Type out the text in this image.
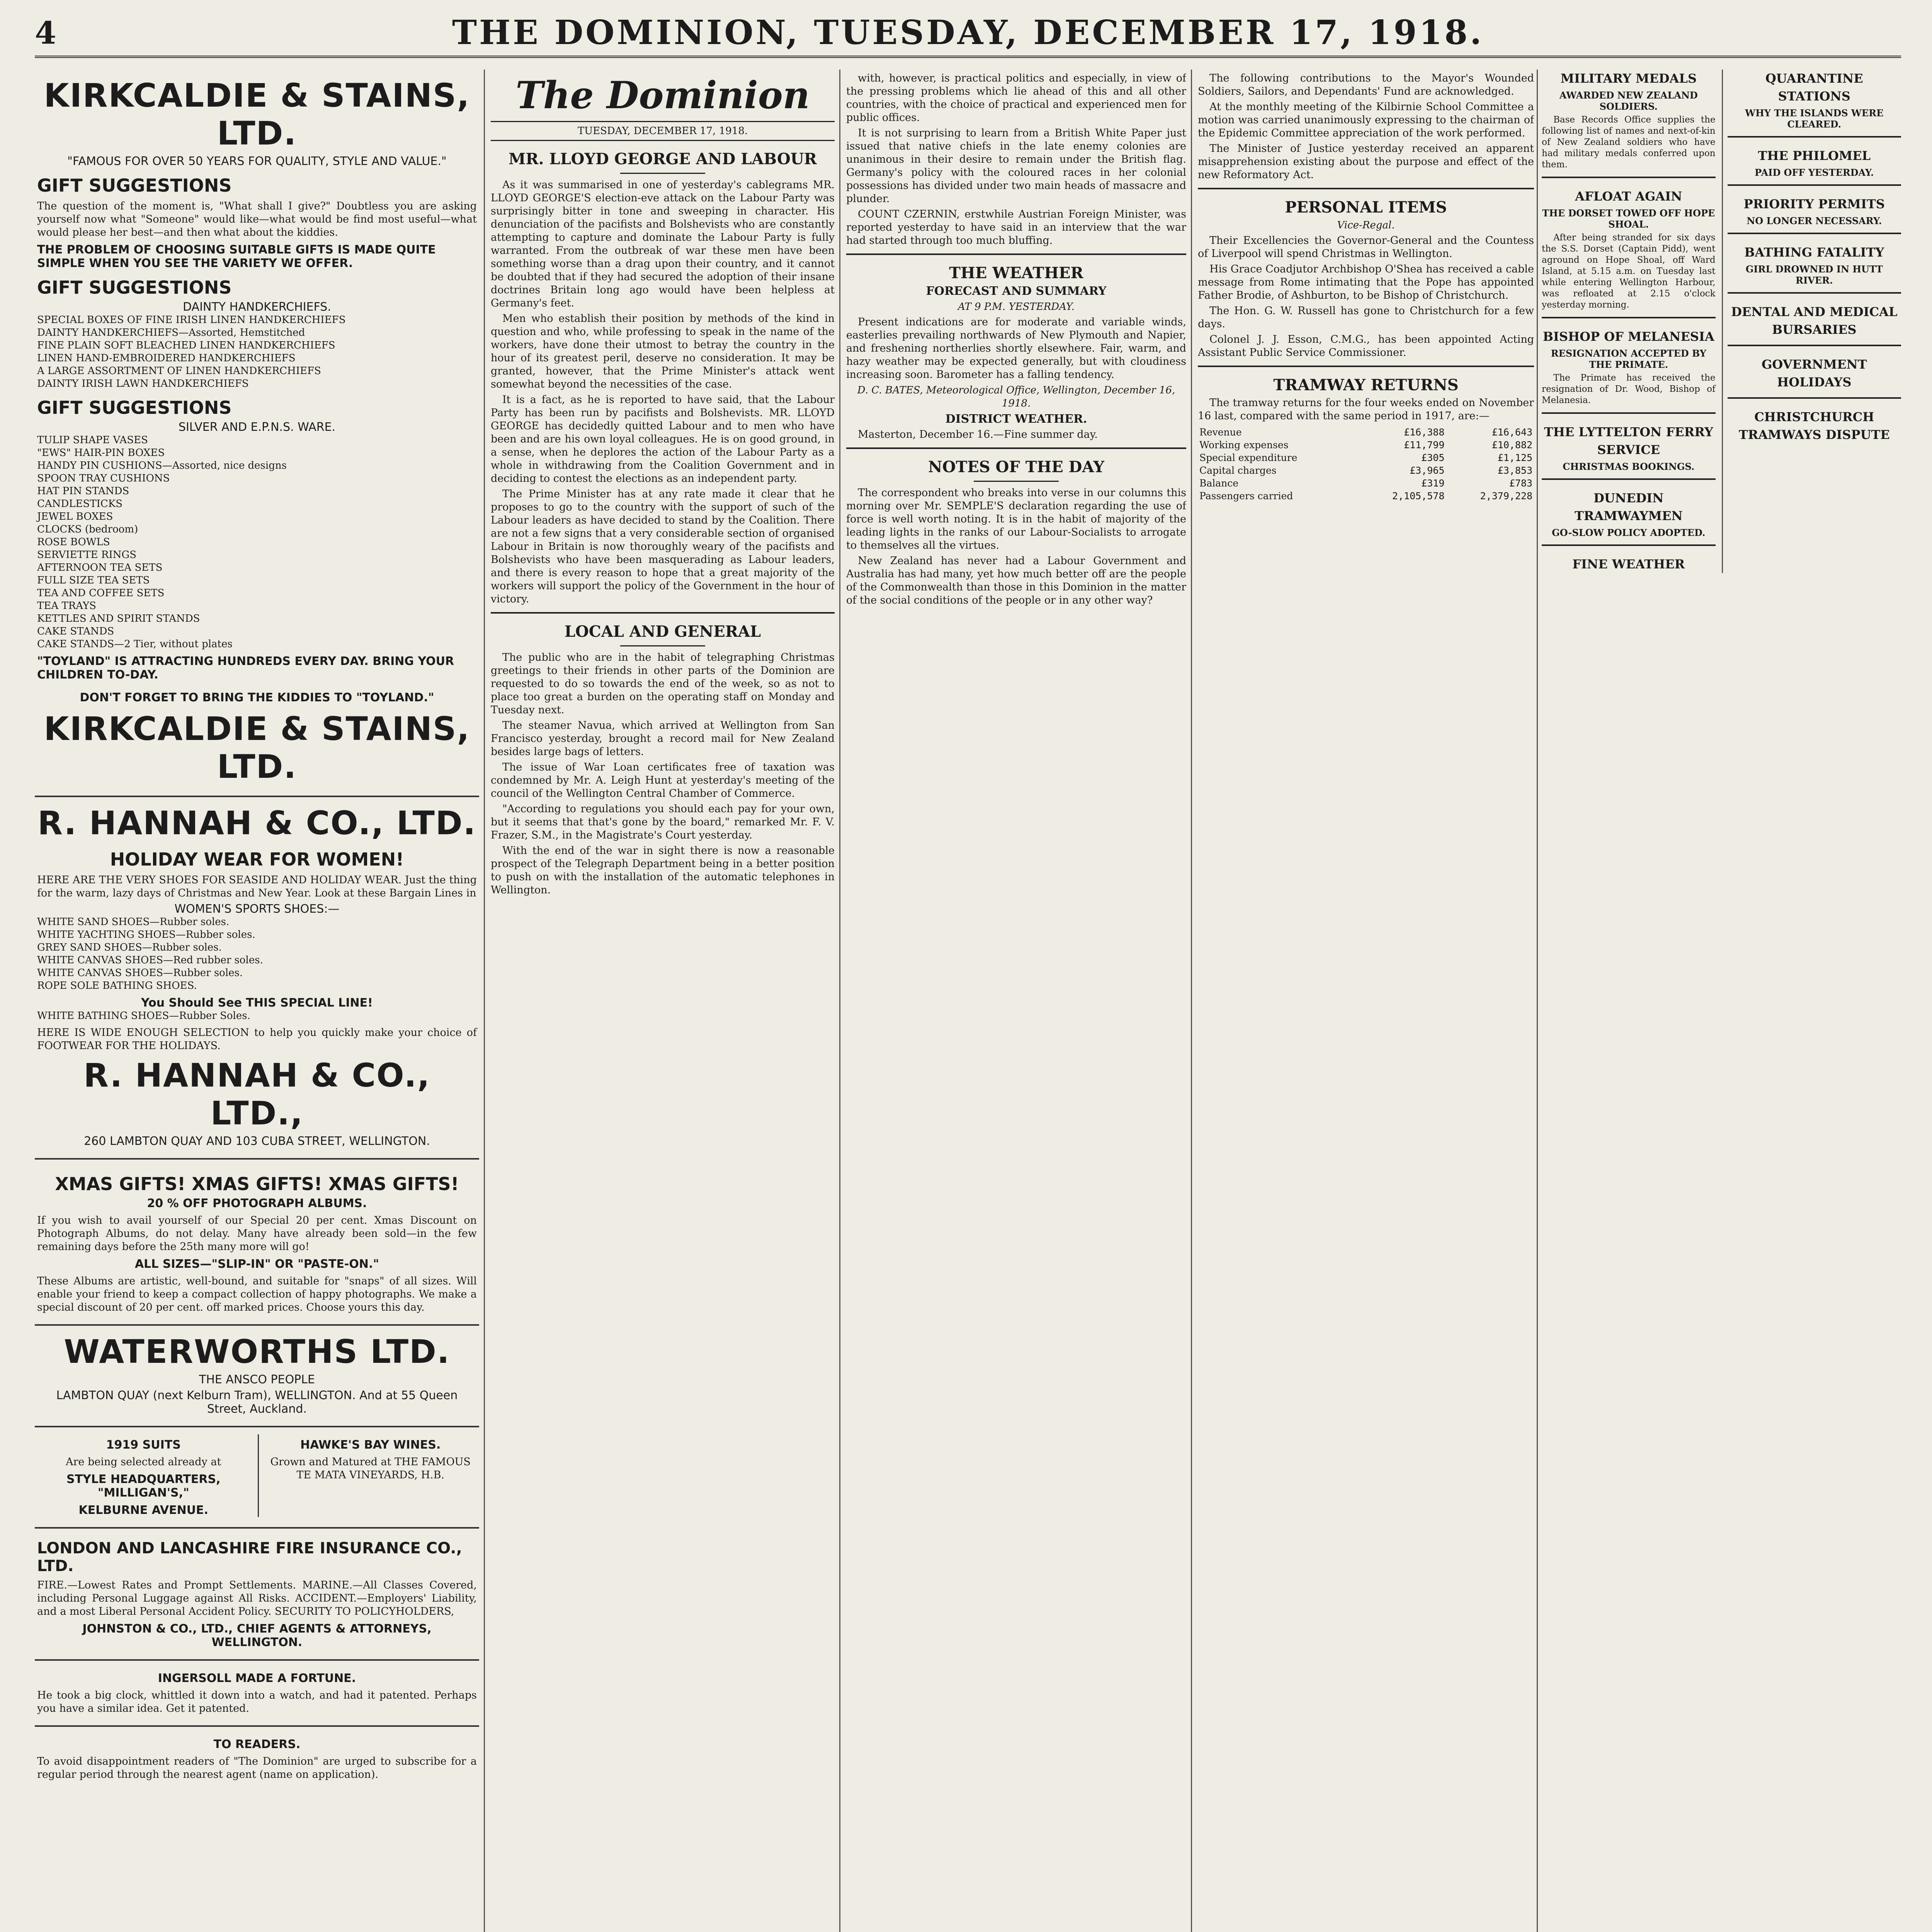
4	THE DOMINION, TUESDAY, DECEMBER 17, 1918.
KIRKCALDIE & STAINS, LTD.
"FAMOUS FOR OVER 50 YEARS FOR QUALITY, STYLE AND VALUE."
GIFT SUGGESTIONS

The question of the moment is, "What shall I give?" Doubtless you are asking yourself now what "Someone" would like—what would be find most useful—what would please her best—and then what about the kiddies.

THE PROBLEM OF CHOOSING SUITABLE GIFTS IS MADE QUITE SIMPLE WHEN YOU SEE THE VARIETY WE OFFER.
GIFT SUGGESTIONS
DAINTY HANDKERCHIEFS.
SPECIAL BOXES OF FINE IRISH LINEN HANDKERCHIEFS
DAINTY HANDKERCHIEFS—Assorted, Hemstitched
FINE PLAIN SOFT BLEACHED LINEN HANDKERCHIEFS
LINEN HAND-EMBROIDERED HANDKERCHIEFS
A LARGE ASSORTMENT OF LINEN HANDKERCHIEFS
DAINTY IRISH LAWN HANDKERCHIEFS
GIFT SUGGESTIONS
SILVER AND E.P.N.S. WARE.
TULIP SHAPE VASES
"EWS" HAIR-PIN BOXES
HANDY PIN CUSHIONS—Assorted, nice designs
SPOON TRAY CUSHIONS
HAT PIN STANDS
CANDLESTICKS
JEWEL BOXES
CLOCKS (bedroom)
ROSE BOWLS
SERVIETTE RINGS
AFTERNOON TEA SETS
FULL SIZE TEA SETS
TEA AND COFFEE SETS
TEA TRAYS
KETTLES AND SPIRIT STANDS
CAKE STANDS
CAKE STANDS—2 Tier, without plates
"TOYLAND" IS ATTRACTING HUNDREDS EVERY DAY. BRING YOUR CHILDREN TO-DAY.
DON'T FORGET TO BRING THE KIDDIES TO "TOYLAND."
KIRKCALDIE & STAINS, LTD.
R. HANNAH & CO., LTD.
HOLIDAY WEAR FOR WOMEN!

HERE ARE THE VERY SHOES FOR SEASIDE AND HOLIDAY WEAR. Just the thing for the warm, lazy days of Christmas and New Year. Look at these Bargain Lines in

WOMEN'S SPORTS SHOES:—
WHITE SAND SHOES—Rubber soles.
WHITE YACHTING SHOES—Rubber soles.
GREY SAND SHOES—Rubber soles.
WHITE CANVAS SHOES—Red rubber soles.
WHITE CANVAS SHOES—Rubber soles.
ROPE SOLE BATHING SHOES.
You Should See THIS SPECIAL LINE!
WHITE BATHING SHOES—Rubber Soles.

HERE IS WIDE ENOUGH SELECTION to help you quickly make your choice of FOOTWEAR FOR THE HOLIDAYS.

R. HANNAH & CO., LTD.,
260 LAMBTON QUAY AND 103 CUBA STREET, WELLINGTON.
XMAS GIFTS! XMAS GIFTS! XMAS GIFTS!
20 % OFF PHOTOGRAPH ALBUMS.

If you wish to avail yourself of our Special 20 per cent. Xmas Discount on Photograph Albums, do not delay. Many have already been sold—in the few remaining days before the 25th many more will go!

ALL SIZES—"SLIP-IN" OR "PASTE-ON."

These Albums are artistic, well-bound, and suitable for "snaps" of all sizes. Will enable your friend to keep a compact collection of happy photographs. We make a special discount of 20 per cent. off marked prices. Choose yours this day.

WATERWORTHS LTD.
THE ANSCO PEOPLE
LAMBTON QUAY (next Kelburn Tram), WELLINGTON. And at 55 Queen Street, Auckland.
1919 SUITS

Are being selected already at

STYLE HEADQUARTERS, "MILLIGAN'S,"
KELBURNE AVENUE.
HAWKE'S BAY WINES.

Grown and Matured at THE FAMOUS TE MATA VINEYARDS, H.B.

LONDON AND LANCASHIRE FIRE INSURANCE CO., LTD.

FIRE.—Lowest Rates and Prompt Settlements. MARINE.—All Classes Covered, including Personal Luggage against All Risks. ACCIDENT.—Employers' Liability, and a most Liberal Personal Accident Policy. SECURITY TO POLICYHOLDERS,

JOHNSTON & CO., LTD., CHIEF AGENTS & ATTORNEYS, WELLINGTON.
INGERSOLL MADE A FORTUNE.

He took a big clock, whittled it down into a watch, and had it patented. Perhaps you have a similar idea. Get it patented.

TO READERS.

To avoid disappointment readers of "The Dominion" are urged to subscribe for a regular period through the nearest agent (name on application).

The Dominion
TUESDAY, DECEMBER 17, 1918.
MR. LLOYD GEORGE AND LABOUR

As it was summarised in one of yesterday's cablegrams MR. LLOYD GEORGE'S election-eve attack on the Labour Party was surprisingly bitter in tone and sweeping in character. His denunciation of the pacifists and Bolshevists who are constantly attempting to capture and dominate the Labour Party is fully warranted. From the outbreak of war these men have been something worse than a drag upon their country, and it cannot be doubted that if they had secured the adoption of their insane doctrines Britain long ago would have been helpless at Germany's feet.

Men who establish their position by methods of the kind in question and who, while professing to speak in the name of the workers, have done their utmost to betray the country in the hour of its greatest peril, deserve no consideration. It may be granted, however, that the Prime Minister's attack went somewhat beyond the necessities of the case.

It is a fact, as he is reported to have said, that the Labour Party has been run by pacifists and Bolshevists. MR. LLOYD GEORGE has decidedly quitted Labour and to men who have been and are his own loyal colleagues. He is on good ground, in a sense, when he deplores the action of the Labour Party as a whole in withdrawing from the Coalition Government and in deciding to contest the elections as an independent party.

The Prime Minister has at any rate made it clear that he proposes to go to the country with the support of such of the Labour leaders as have decided to stand by the Coalition. There are not a few signs that a very considerable section of organised Labour in Britain is now thoroughly weary of the pacifists and Bolshevists who have been masquerading as Labour leaders, and there is every reason to hope that a great majority of the workers will support the policy of the Government in the hour of victory.

LOCAL AND GENERAL

The public who are in the habit of telegraphing Christmas greetings to their friends in other parts of the Dominion are requested to do so towards the end of the week, so as not to place too great a burden on the operating staff on Monday and Tuesday next.

The steamer Navua, which arrived at Wellington from San Francisco yesterday, brought a record mail for New Zealand besides large bags of letters.

The issue of War Loan certificates free of taxation was condemned by Mr. A. Leigh Hunt at yesterday's meeting of the council of the Wellington Central Chamber of Commerce.

"According to regulations you should each pay for your own, but it seems that that's gone by the board," remarked Mr. F. V. Frazer, S.M., in the Magistrate's Court yesterday.

With the end of the war in sight there is now a reasonable prospect of the Telegraph Department being in a better position to push on with the installation of the automatic telephones in Wellington.

with, however, is practical politics and especially, in view of the pressing problems which lie ahead of this and all other countries, with the choice of practical and experienced men for public offices.

It is not surprising to learn from a British White Paper just issued that native chiefs in the late enemy colonies are unanimous in their desire to remain under the British flag. Germany's policy with the coloured races in her colonial possessions has divided under two main heads of massacre and plunder.

COUNT CZERNIN, erstwhile Austrian Foreign Minister, was reported yesterday to have said in an interview that the war had started through too much bluffing.

THE WEATHER
FORECAST AND SUMMARY

AT 9 P.M. YESTERDAY.

Present indications are for moderate and variable winds, easterlies prevailing northwards of New Plymouth and Napier, and freshening northerlies shortly elsewhere. Fair, warm, and hazy weather may be expected generally, but with cloudiness increasing soon. Barometer has a falling tendency.

D. C. BATES, Meteorological Office, Wellington, December 16, 1918.

DISTRICT WEATHER.

Masterton, December 16.—Fine summer day.

NOTES OF THE DAY

The correspondent who breaks into verse in our columns this morning over Mr. SEMPLE'S declaration regarding the use of force is well worth noting. It is in the habit of majority of the leading lights in the ranks of our Labour-Socialists to arrogate to themselves all the virtues.

New Zealand has never had a Labour Government and Australia has had many, yet how much better off are the people of the Commonwealth than those in this Dominion in the matter of the social conditions of the people or in any other way?

The following contributions to the Mayor's Wounded Soldiers, Sailors, and Dependants' Fund are acknowledged.

At the monthly meeting of the Kilbirnie School Committee a motion was carried unanimously expressing to the chairman of the Epidemic Committee appreciation of the work performed.

The Minister of Justice yesterday received an apparent misapprehension existing about the purpose and effect of the new Reformatory Act.

PERSONAL ITEMS

Vice-Regal.

Their Excellencies the Governor-General and the Countess of Liverpool will spend Christmas in Wellington.

His Grace Coadjutor Archbishop O'Shea has received a cable message from Rome intimating that the Pope has appointed Father Brodie, of Ashburton, to be Bishop of Christchurch.

The Hon. G. W. Russell has gone to Christchurch for a few days.

Colonel J. J. Esson, C.M.G., has been appointed Acting Assistant Public Service Commissioner.

TRAMWAY RETURNS

The tramway returns for the four weeks ended on November 16 last, compared with the same period in 1917, are:—

Revenue	£16,388	£16,643
Working expenses	£11,799	£10,882
Special expenditure	£305	£1,125
Capital charges	£3,965	£3,853
Balance	£319	£783
Passengers carried	2,105,578	2,379,228
MILITARY MEDALS
AWARDED NEW ZEALAND SOLDIERS.

Base Records Office supplies the following list of names and next-of-kin of New Zealand soldiers who have had military medals conferred upon them.

AFLOAT AGAIN
THE DORSET TOWED OFF HOPE SHOAL.

After being stranded for six days the S.S. Dorset (Captain Pidd), went aground on Hope Shoal, off Ward Island, at 5.15 a.m. on Tuesday last while entering Wellington Harbour, was refloated at 2.15 o'clock yesterday morning.

BISHOP OF MELANESIA
RESIGNATION ACCEPTED BY THE PRIMATE.

The Primate has received the resignation of Dr. Wood, Bishop of Melanesia.

THE LYTTELTON FERRY SERVICE
CHRISTMAS BOOKINGS.
DUNEDIN TRAMWAYMEN
GO-SLOW POLICY ADOPTED.
FINE WEATHER
QUARANTINE STATIONS
WHY THE ISLANDS WERE CLEARED.
THE PHILOMEL
PAID OFF YESTERDAY.
PRIORITY PERMITS
NO LONGER NECESSARY.
BATHING FATALITY
GIRL DROWNED IN HUTT RIVER.
DENTAL AND MEDICAL BURSARIES
GOVERNMENT HOLIDAYS
CHRISTCHURCH TRAMWAYS DISPUTE
